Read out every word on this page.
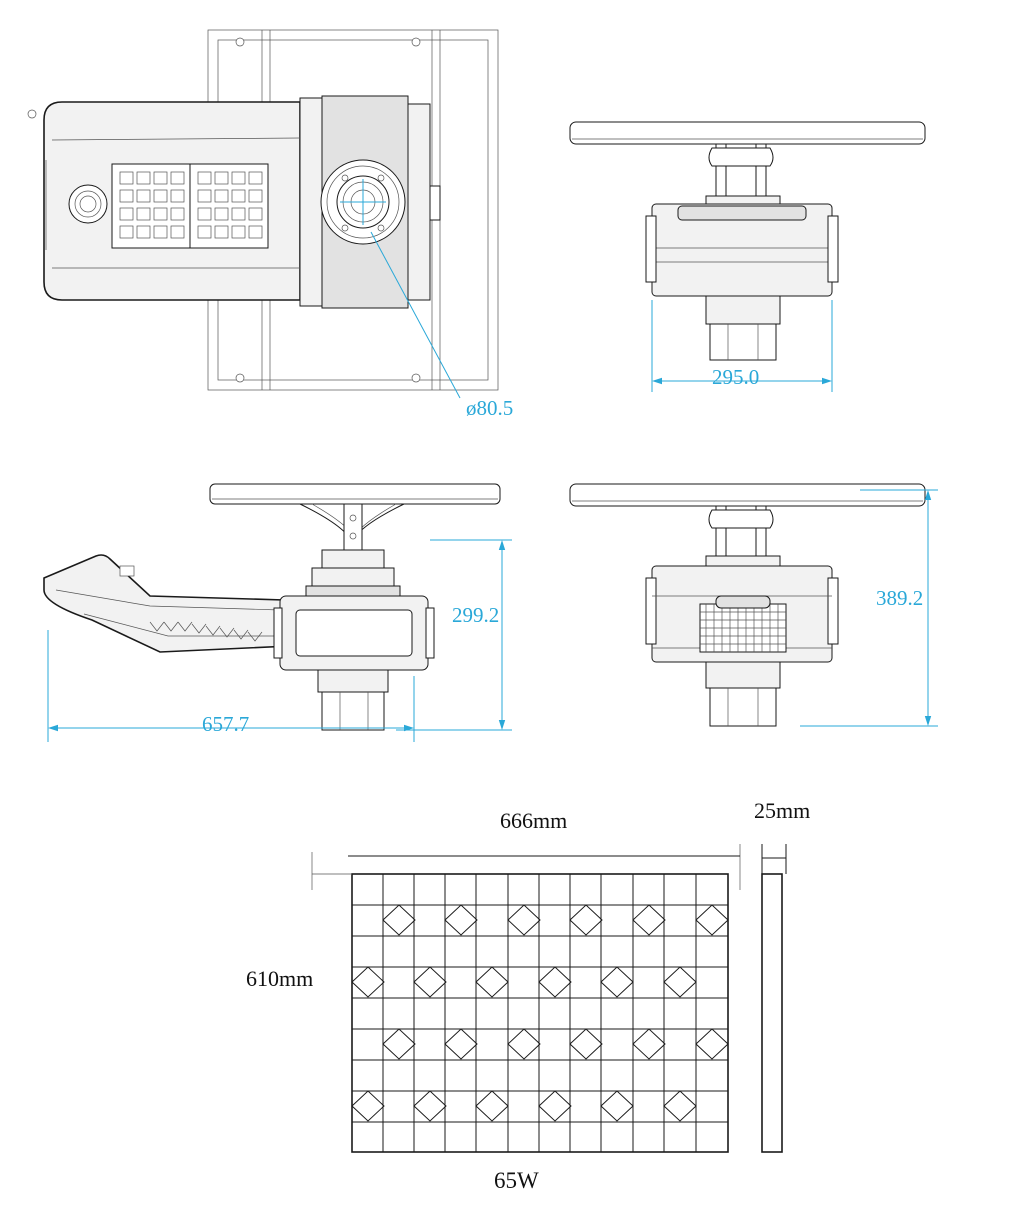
ø80.5
295.0
657.7
299.2
389.2
666mm	25mm
610mm
65W
